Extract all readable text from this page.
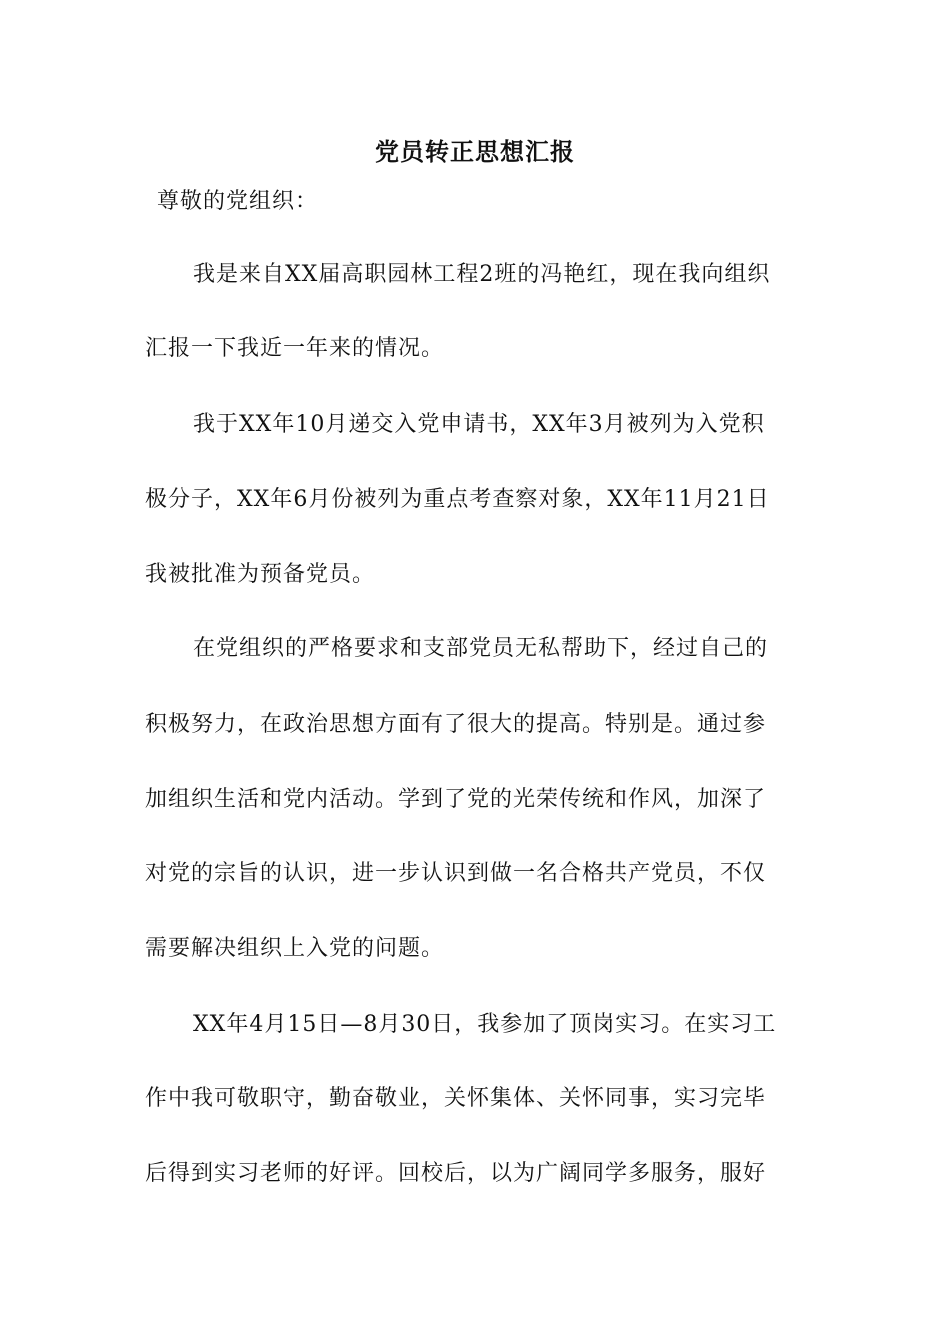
党员转正思想汇报
尊敬的党组织：
我是来自XX届高职园林工程2班的冯艳红，现在我向组织
汇报一下我近一年来的情况。
我于XX年10月递交入党申请书，XX年3月被列为入党积
极分子，XX年6月份被列为重点考查察对象，XX年11月21日
我被批准为预备党员。
在党组织的严格要求和支部党员无私帮助下，经过自己的
积极努力，在政治思想方面有了很大的提高。特别是。通过参
加组织生活和党内活动。学到了党的光荣传统和作风，加深了
对党的宗旨的认识，进一步认识到做一名合格共产党员，不仅
需要解决组织上入党的问题。
XX年4月15日—8月30日，我参加了顶岗实习。在实习工
作中我可敬职守，勤奋敬业，关怀集体、关怀同事，实习完毕
后得到实习老师的好评。回校后，以为广阔同学多服务，服好
